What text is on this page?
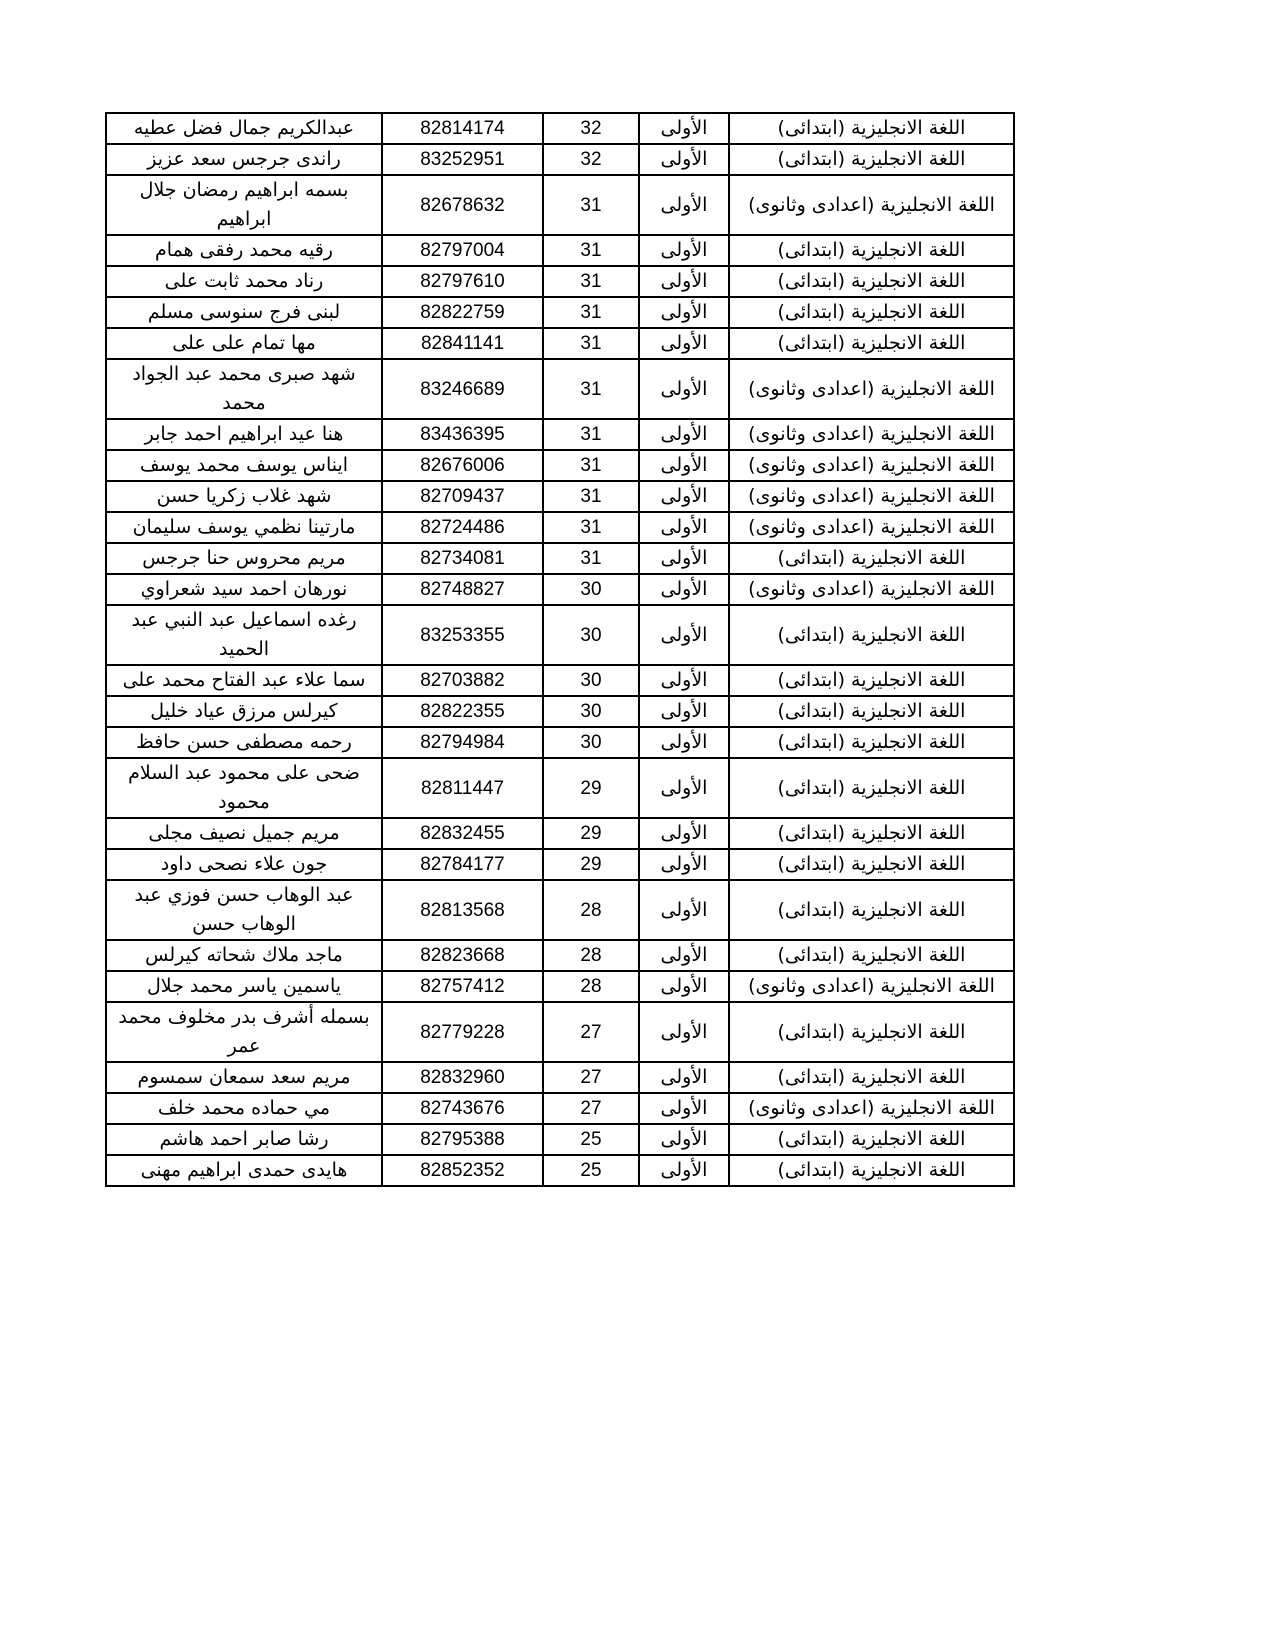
عبدالكريم جمال فضل عطيه	82814174	32	الأولى	اللغة الانجليزية (ابتدائى)
راندى جرجس سعد عزيز	83252951	32	الأولى	اللغة الانجليزية (ابتدائى)
بسمه ابراهيم رمضان جلال ابراهيم	82678632	31	الأولى	اللغة الانجليزية (اعدادى وثانوى)
رقيه محمد رفقى همام	82797004	31	الأولى	اللغة الانجليزية (ابتدائى)
رناد محمد ثابت على	82797610	31	الأولى	اللغة الانجليزية (ابتدائى)
لبنى فرج سنوسى مسلم	82822759	31	الأولى	اللغة الانجليزية (ابتدائى)
مها تمام على على	82841141	31	الأولى	اللغة الانجليزية (ابتدائى)
شهد صبرى محمد عبد الجواد محمد	83246689	31	الأولى	اللغة الانجليزية (اعدادى وثانوى)
هنا عيد ابراهيم احمد جابر	83436395	31	الأولى	اللغة الانجليزية (اعدادى وثانوى)
ايناس يوسف محمد يوسف	82676006	31	الأولى	اللغة الانجليزية (اعدادى وثانوى)
شهد غلاب زكريا حسن	82709437	31	الأولى	اللغة الانجليزية (اعدادى وثانوى)
مارتينا نظمي يوسف سليمان	82724486	31	الأولى	اللغة الانجليزية (اعدادى وثانوى)
مريم محروس حنا جرجس	82734081	31	الأولى	اللغة الانجليزية (ابتدائى)
نورهان احمد سيد شعراوي	82748827	30	الأولى	اللغة الانجليزية (اعدادى وثانوى)
رغده اسماعيل عبد النبي عبد الحميد	83253355	30	الأولى	اللغة الانجليزية (ابتدائى)
سما علاء عبد الفتاح محمد على	82703882	30	الأولى	اللغة الانجليزية (ابتدائى)
كيرلس مرزق عياد خليل	82822355	30	الأولى	اللغة الانجليزية (ابتدائى)
رحمه مصطفى حسن حافظ	82794984	30	الأولى	اللغة الانجليزية (ابتدائى)
ضحى على محمود عبد السلام محمود	82811447	29	الأولى	اللغة الانجليزية (ابتدائى)
مريم جميل نصيف مجلى	82832455	29	الأولى	اللغة الانجليزية (ابتدائى)
جون علاء نصحى داود	82784177	29	الأولى	اللغة الانجليزية (ابتدائى)
عبد الوهاب حسن فوزي عبد الوهاب حسن	82813568	28	الأولى	اللغة الانجليزية (ابتدائى)
ماجد ملاك شحاته كيرلس	82823668	28	الأولى	اللغة الانجليزية (ابتدائى)
ياسمين ياسر محمد جلال	82757412	28	الأولى	اللغة الانجليزية (اعدادى وثانوى)
بسمله أشرف بدر مخلوف محمد عمر	82779228	27	الأولى	اللغة الانجليزية (ابتدائى)
مريم سعد سمعان سمسوم	82832960	27	الأولى	اللغة الانجليزية (ابتدائى)
مي حماده محمد خلف	82743676	27	الأولى	اللغة الانجليزية (اعدادى وثانوى)
رشا صابر احمد هاشم	82795388	25	الأولى	اللغة الانجليزية (ابتدائى)
هايدى حمدى ابراهيم مهنى	82852352	25	الأولى	اللغة الانجليزية (ابتدائى)
